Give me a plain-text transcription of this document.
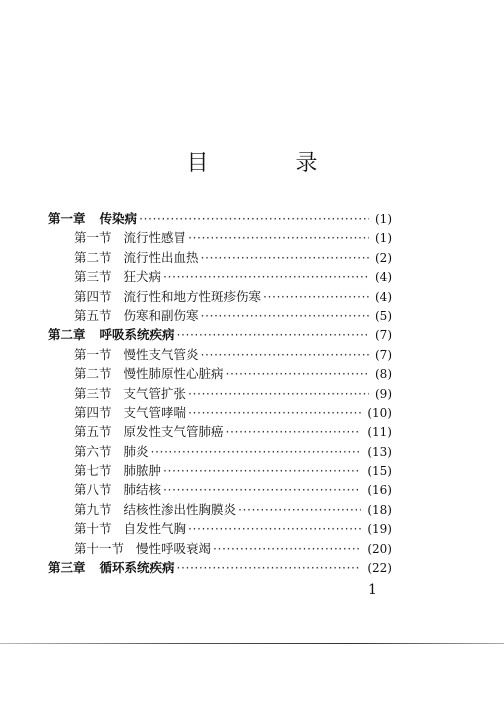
目 录
第一章 传染病 ·····	(1)
第一节 流行性感冒 ·····	(1)
第二节 流行性出血热 ·····	(2)
第三节 狂犬病 ·····	(4)
第四节 流行性和地方性斑疹伤寒 ·····	(4)
第五节 伤寒和副伤寒 ·····	(5)
第二章 呼吸系统疾病 ·····	(7)
第一节 慢性支气管炎 ·····	(7)
第二节 慢性肺原性心脏病 ·····	(8)
第三节 支气管扩张 ·····	(9)
第四节 支气管哮喘 ·····	(10)
第五节 原发性支气管肺癌 ·····	(11)
第六节 肺炎 ·····	(13)
第七节 肺脓肿 ·····	(15)
第八节 肺结核 ·····	(16)
第九节 结核性渗出性胸膜炎 ·····	(18)
第十节 自发性气胸 ·····	(19)
第十一节 慢性呼吸衰竭 ·····	(20)
第三章 循环系统疾病 ·····	(22)
1
